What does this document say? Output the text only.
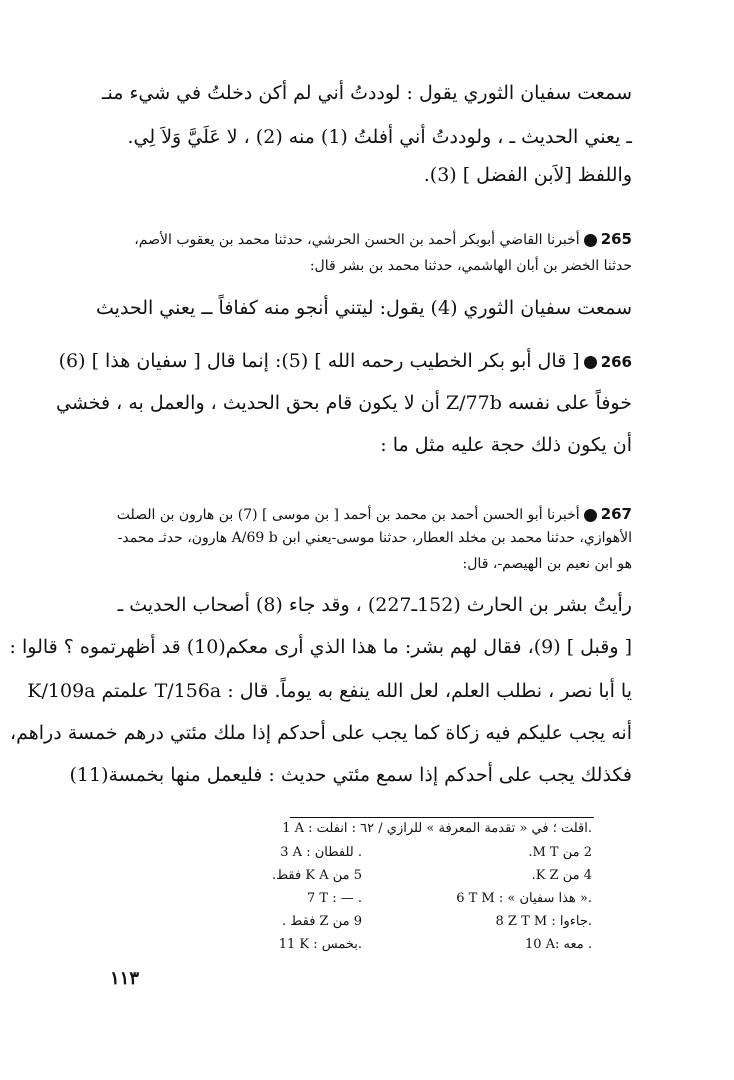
سمعت سفيان الثوري يقول : لوددتُ أني لم أكن دخلتُ في شيء منـ
ـ يعني الحديث ـ ، ولوددتُ أني أفلتُ (1) منه (2) ، لا عَلَيَّ وَلاَ لِي.
واللفظ [لاَبن الفضل ] (3).
265أخبرنا القاضي أبوبكر أحمد بن الحسن الحرشي، حدثنا محمد بن يعقوب الأصم،
حدثنا الخضر بن أبان الهاشمي، حدثنا محمد بن بشر قال:
سمعت سفيان الثوري (4) يقول: ليتني أنجو منه كفافاً ــ يعني الحديث
266[ قال أبو بكر الخطيب رحمه الله ] (5): إنما قال [ سفيان هذا ] (6)
خوفاً على نفسه Z/77b أن لا يكون قام بحق الحديث ، والعمل به ، فخشي
أن يكون ذلك حجة عليه مثل ما :
267أخبرنا أبو الحسن أحمد بن محمد بن أحمد [ بن موسى ] (7) بن هارون بن الصلت
الأهوازي، حدثنا محمد بن مخلد العطار، حدثنا موسى-يعني ابن A/69 b هارون، حدثـ محمد-
هو ابن نعيم بن الهيصم-، قال:
رأيتُ بشر بن الحارث (152ـ227) ، وقد جاء (8) أصحاب الحديث ـ
[ وقبل ] (9)، فقال لهم بشر: ما هذا الذي أرى معكم(10) قد أظهرتموه ؟ قالوا :
يا أبا نصر ، نطلب العلم، لعل الله ينفع به يوماً. قال : T/156a علمتم K/109a
أنه يجب عليكم فيه زكاة كما يجب على أحدكم إذا ملك مئتي درهم خمسة دراهم،
فكذلك يجب على أحدكم إذا سمع مئتي حديث : فليعمل منها بخمسة(11)
1 A : اقلت ؛ في « تقدمة المعرفة » للرازي / ٦٢ : انفلت.
2 من M T.
4 من K Z.
6 T M : « هذا سفيان ».
8 Z T M : جاءوا.
10 A: معه .
3 A : للفطان .
5 من K A فقط.
7 T : — .
9 من Z فقط .
11 K : بخمس.
١١٣
